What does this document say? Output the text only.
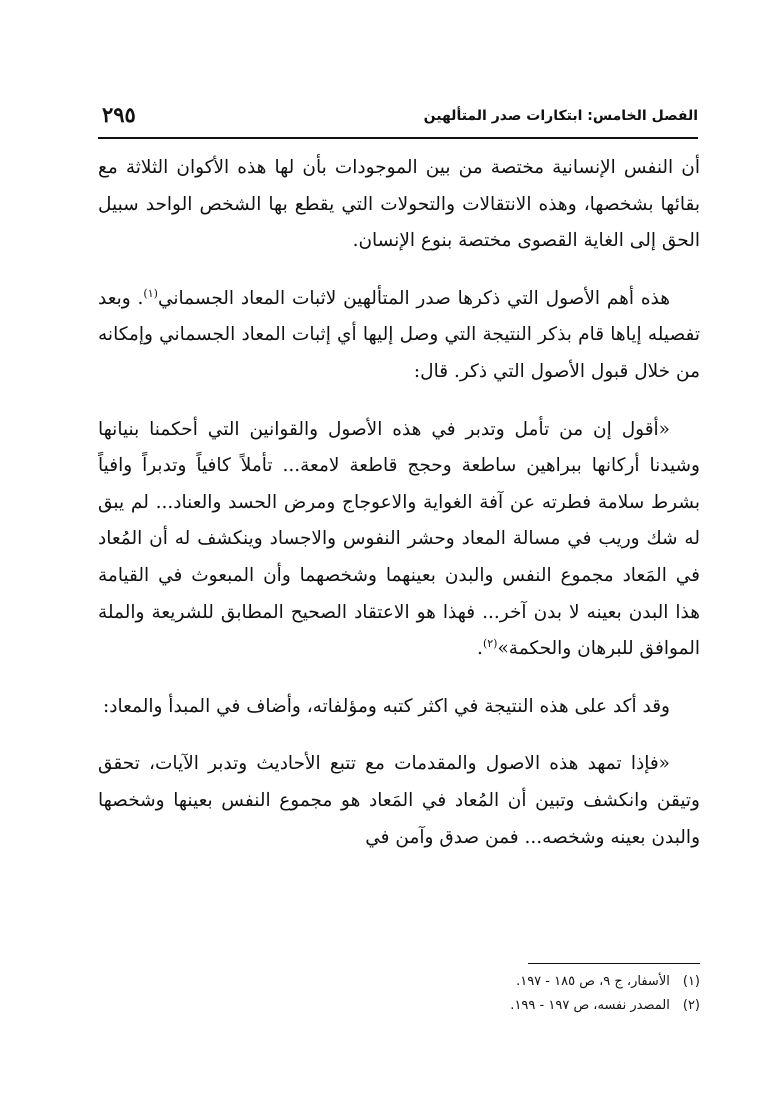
٢٩٥	الفصل الخامس: ابتكارات صدر المتألهين

أن النفس الإنسانية مختصة من بين الموجودات بأن لها هذه الأكوان الثلاثة مع بقائها بشخصها، وهذه الانتقالات والتحولات التي يقطع بها الشخص الواحد سبيل الحق إلى الغاية القصوى مختصة بنوع الإنسان.

هذه أهم الأصول التي ذكرها صدر المتألهين لاثبات المعاد الجسماني$^{(١)}$. وبعد تفصيله إياها قام بذكر النتيجة التي وصل إليها أي إثبات المعاد الجسماني وإمكانه من خلال قبول الأصول التي ذكر. قال:

«أقول إن من تأمل وتدبر في هذه الأصول والقوانين التي أحكمنا بنيانها وشيدنا أركانها ببراهين ساطعة وحجج قاطعة لامعة... تأملاً كافياً وتدبراً وافياً بشرط سلامة فطرته عن آفة الغواية والاعوجاج ومرض الحسد والعناد... لم يبق له شك وريب في مسالة المعاد وحشر النفوس والاجساد وينكشف له أن المُعاد في المَعاد مجموع النفس والبدن بعينهما وشخصهما وأن المبعوث في القيامة هذا البدن بعينه لا بدن آخر... فهذا هو الاعتقاد الصحيح المطابق للشريعة والملة الموافق للبرهان والحكمة»$^{(٢)}$.

وقد أكد على هذه النتيجة في اكثر كتبه ومؤلفاته، وأضاف في المبدأ والمعاد:

«فإذا تمهد هذه الاصول والمقدمات مع تتبع الأحاديث وتدبر الآيات، تحقق وتيقن وانكشف وتبين أن المُعاد في المَعاد هو مجموع النفس بعينها وشخصها والبدن بعينه وشخصه... فمن صدق وآمن في

(١) الأسفار، ج ٩، ص ١٨٥ - ١٩٧.
(٢) المصدر نفسه، ص ١٩٧ - ١٩٩.
